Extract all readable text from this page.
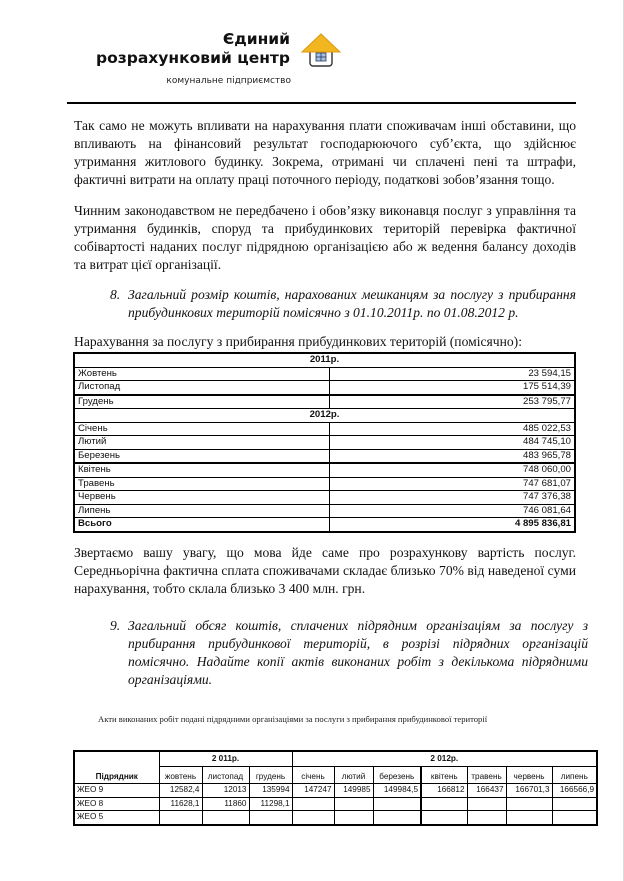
Єдиний
розрахунковий центр
комунальне підприємство
Так само не можуть впливати на нарахування плати споживачам інші обставини, що впливають на фінансовий результат господарюючого суб’єкта, що здійснює утримання житлового будинку. Зокрема, отримані чи сплачені пені та штрафи, фактичні витрати на оплату праці поточного періоду, податкові зобов’язання тощо.
Чинним законодавством не передбачено і обов’язку виконавця послуг з управління та утримання будинків, споруд та прибудинкових територій перевірка фактичної собівартості наданих послуг підрядною організацією або ж ведення балансу доходів та витрат цієї організації.
8. Загальний розмір коштів, нарахованих мешканцям за послугу з прибирання прибудинкових територій помісячно з 01.10.2011р. по 01.08.2012 р.
Нарахування за послугу з прибирання прибудинкових територій (помісячно):
2011р.	
Жовтень	23 594,15
Листопад	175 514,39
Грудень	253 795,77
2012р.	
Січень	485 022,53
Лютий	484 745,10
Березень	483 965,78
Квітень	748 060,00
Травень	747 681,07
Червень	747 376,38
Липень	746 081,64
Всього	4 895 836,81
Звертаємо вашу увагу, що мова йде саме про розрахункову вартість послуг. Середньорічна фактична сплата споживачами складає близько 70% від наведеної суми нарахування, тобто склала близько 3 400 млн. грн.
9. Загальний обсяг коштів, сплачених підрядним організаціям за послугу з прибирання прибудинкової територій, в розрізі підрядних організацій помісячно. Надайте копії актів виконаних робіт з декількома підрядними організаціями.
Акти виконаних робіт подані підрядними організаціями за послуги з прибирання прибудинкової території
Підрядник	2 011р.			2 012р.						
	жовтень	листопад	грудень	січень	лютий	березень	квітень	травень	червень	липень
ЖЕО 9	12582,4	12013	135994	147247	149985	149984,5	166812	166437	166701,3	166566,9
ЖЕО 8	11628,1	11860	11298,1							
ЖЕО 5										
